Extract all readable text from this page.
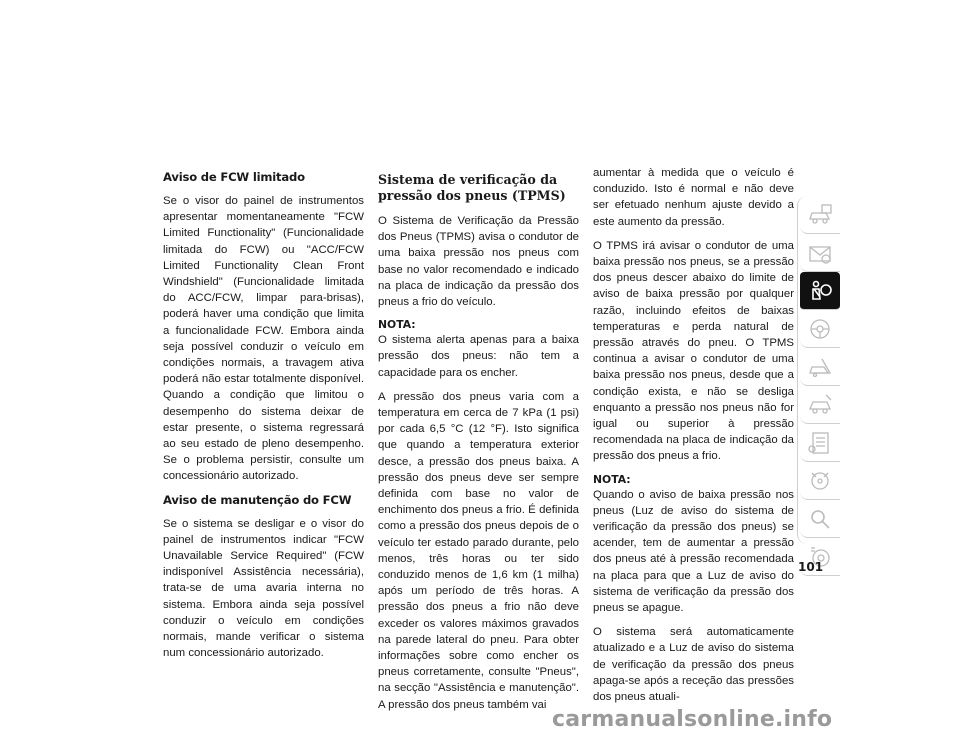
Aviso de FCW limitado

Se o visor do painel de instrumentos apresentar momentaneamente "FCW Limited Functionality" (Funcionalidade limitada do FCW) ou "ACC/FCW Limited Functionality Clean Front Windshield" (Funcionalidade limitada do ACC/FCW, limpar para-brisas), poderá haver uma condição que limita a funcionalidade FCW. Embora ainda seja possível conduzir o veículo em condições normais, a travagem ativa poderá não estar totalmente disponível. Quando a condição que limitou o desempenho do sistema deixar de estar presente, o sistema regressará ao seu estado de pleno desempenho. Se o problema persistir, consulte um concessionário autorizado.

Aviso de manutenção do FCW

Se o sistema se desligar e o visor do painel de instrumentos indicar "FCW Unavailable Service Required" (FCW indisponível Assistência necessária), trata-se de uma avaria interna no sistema. Embora ainda seja possível conduzir o veículo em condições normais, mande verificar o sistema num concessionário autorizado.

Sistema de verificação da pressão dos pneus (TPMS)

O Sistema de Verificação da Pressão dos Pneus (TPMS) avisa o condutor de uma baixa pressão nos pneus com base no valor recomendado e indicado na placa de indicação da pressão dos pneus a frio do veículo.

NOTA:

O sistema alerta apenas para a baixa pressão dos pneus: não tem a capacidade para os encher.

A pressão dos pneus varia com a temperatura em cerca de 7 kPa (1 psi) por cada 6,5 °C (12 °F). Isto significa que quando a temperatura exterior desce, a pressão dos pneus baixa. A pressão dos pneus deve ser sempre definida com base no valor de enchimento dos pneus a frio. É definida como a pressão dos pneus depois de o veículo ter estado parado durante, pelo menos, três horas ou ter sido conduzido menos de 1,6 km (1 milha) após um período de três horas. A pressão dos pneus a frio não deve exceder os valores máximos gravados na parede lateral do pneu. Para obter informações sobre como encher os pneus corretamente, consulte "Pneus", na secção "Assistência e manutenção". A pressão dos pneus também vai

aumentar à medida que o veículo é conduzido. Isto é normal e não deve ser efetuado nenhum ajuste devido a este aumento da pressão.

O TPMS irá avisar o condutor de uma baixa pressão nos pneus, se a pressão dos pneus descer abaixo do limite de aviso de baixa pressão por qualquer razão, incluindo efeitos de baixas temperaturas e perda natural de pressão através do pneu. O TPMS continua a avisar o condutor de uma baixa pressão nos pneus, desde que a condição exista, e não se desliga enquanto a pressão nos pneus não for igual ou superior à pressão recomendada na placa de indicação da pressão dos pneus a frio.

NOTA:

Quando o aviso de baixa pressão nos pneus (Luz de aviso do sistema de verificação da pressão dos pneus) se acender, tem de aumentar a pressão dos pneus até à pressão recomendada na placa para que a Luz de aviso do sistema de verificação da pressão dos pneus se apague.

O sistema será automaticamente atualizado e a Luz de aviso do sistema de verificação da pressão dos pneus apaga-se após a receção das pressões dos pneus atuali-

101
carmanualsonline.info
